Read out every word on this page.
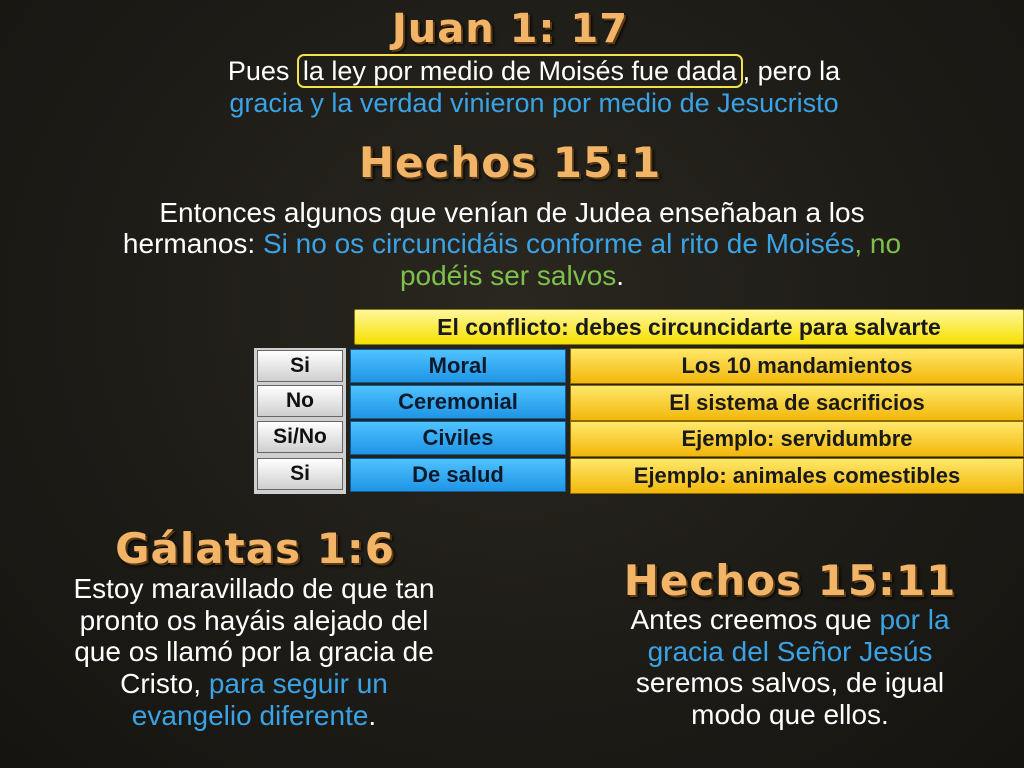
Juan 1: 17
Pues la ley por medio de Moisés fue dada , pero la
gracia y la verdad vinieron por medio de Jesucristo
Hechos 15:1
Entonces algunos que venían de Judea enseñaban a los
hermanos: Si no os circuncidáis conforme al rito de Moisés, no
podéis ser salvos.
El conflicto: debes circuncidarte para salvarte
Si	Moral	Los 10 mandamientos
No	Ceremonial	El sistema de sacrificios
Si/No	Civiles	Ejemplo: servidumbre
Si	De salud	Ejemplo: animales comestibles
Gálatas 1:6
Estoy maravillado de que tan
pronto os hayáis alejado del
que os llamó por la gracia de
Cristo, para seguir un
evangelio diferente.
Hechos 15:11
Antes creemos que por la
gracia del Señor Jesús
seremos salvos, de igual
modo que ellos.
